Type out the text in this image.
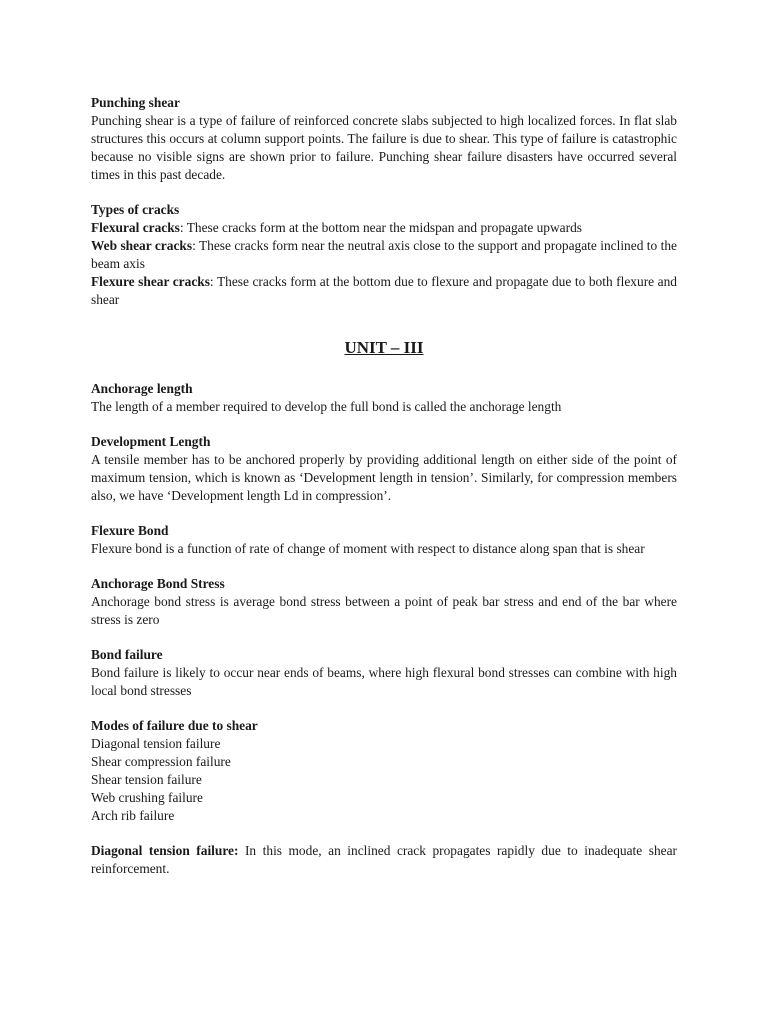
Punching shear
Punching shear is a type of failure of reinforced concrete slabs subjected to high localized forces. In flat slab structures this occurs at column support points. The failure is due to shear. This type of failure is catastrophic because no visible signs are shown prior to failure. Punching shear failure disasters have occurred several times in this past decade.
Types of cracks
Flexural cracks: These cracks form at the bottom near the midspan and propagate upwards
Web shear cracks: These cracks form near the neutral axis close to the support and propagate inclined to the beam axis
Flexure shear cracks: These cracks form at the bottom due to flexure and propagate due to both flexure and shear
UNIT – III
Anchorage length
The length of a member required to develop the full bond is called the anchorage length
Development Length
A tensile member has to be anchored properly by providing additional length on either side of the point of maximum tension, which is known as ‘Development length in tension’. Similarly, for compression members also, we have ‘Development length Ld in compression’.
Flexure Bond
Flexure bond is a function of rate of change of moment with respect to distance along span that is shear
Anchorage Bond Stress
Anchorage bond stress is average bond stress between a point of peak bar stress and end of the bar where stress is zero
Bond failure
Bond failure is likely to occur near ends of beams, where high flexural bond stresses can combine with high local bond stresses
Modes of failure due to shear
Diagonal tension failure
Shear compression failure
Shear tension failure
Web crushing failure
Arch rib failure
Diagonal tension failure: In this mode, an inclined crack propagates rapidly due to inadequate shear reinforcement.
